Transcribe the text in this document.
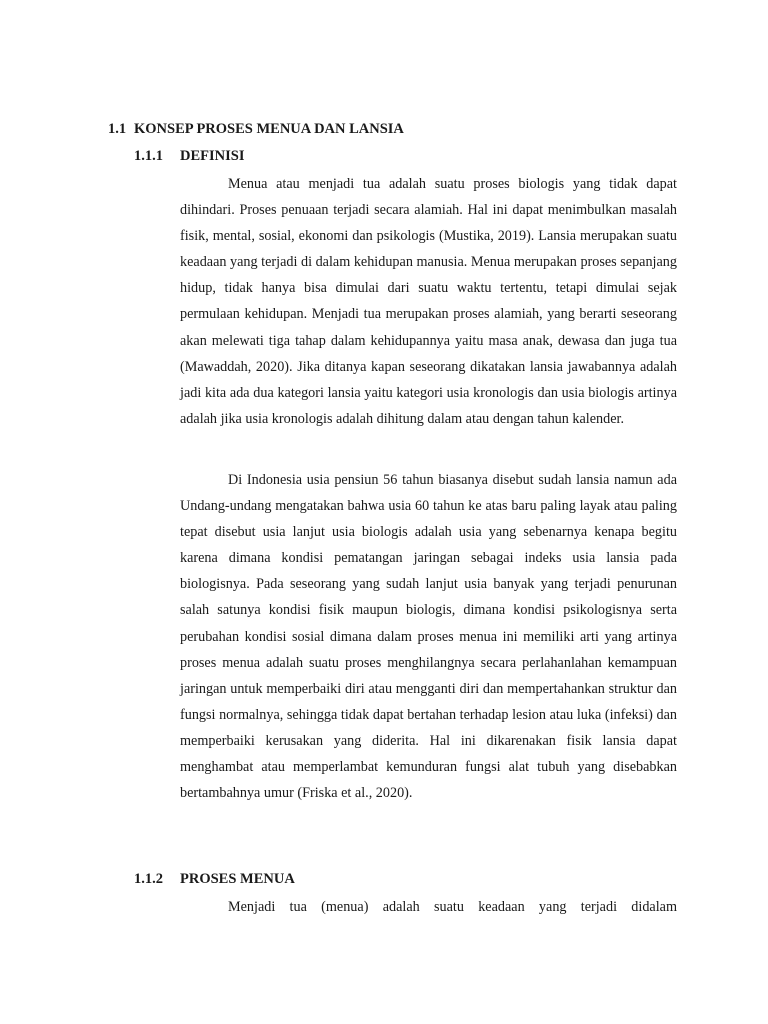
1.1 KONSEP PROSES MENUA DAN LANSIA
1.1.1 DEFINISI

Menua atau menjadi tua adalah suatu proses biologis yang tidak dapat dihindari. Proses penuaan terjadi secara alamiah. Hal ini dapat menimbulkan masalah fisik, mental, sosial, ekonomi dan psikologis (Mustika, 2019). Lansia merupakan suatu keadaan yang terjadi di dalam kehidupan manusia. Menua merupakan proses sepanjang hidup, tidak hanya bisa dimulai dari suatu waktu tertentu, tetapi dimulai sejak permulaan kehidupan. Menjadi tua merupakan proses alamiah, yang berarti seseorang akan melewati tiga tahap dalam kehidupannya yaitu masa anak, dewasa dan juga tua (Mawaddah, 2020). Jika ditanya kapan seseorang dikatakan lansia jawabannya adalah jadi kita ada dua kategori lansia yaitu kategori usia kronologis dan usia biologis artinya adalah jika usia kronologis adalah dihitung dalam atau dengan tahun kalender.

Di Indonesia usia pensiun 56 tahun biasanya disebut sudah lansia namun ada Undang-undang mengatakan bahwa usia 60 tahun ke atas baru paling layak atau paling tepat disebut usia lanjut usia biologis adalah usia yang sebenarnya kenapa begitu karena dimana kondisi pematangan jaringan sebagai indeks usia lansia pada biologisnya. Pada seseorang yang sudah lanjut usia banyak yang terjadi penurunan salah satunya kondisi fisik maupun biologis, dimana kondisi psikologisnya serta perubahan kondisi sosial dimana dalam proses menua ini memiliki arti yang artinya proses menua adalah suatu proses menghilangnya secara perlahanlahan kemampuan jaringan untuk memperbaiki diri atau mengganti diri dan mempertahankan struktur dan fungsi normalnya, sehingga tidak dapat bertahan terhadap lesion atau luka (infeksi) dan memperbaiki kerusakan yang diderita. Hal ini dikarenakan fisik lansia dapat menghambat atau memperlambat kemunduran fungsi alat tubuh yang disebabkan bertambahnya umur (Friska et al., 2020).

1.1.2 PROSES MENUA

Menjadi tua (menua) adalah suatu keadaan yang terjadi didalam
